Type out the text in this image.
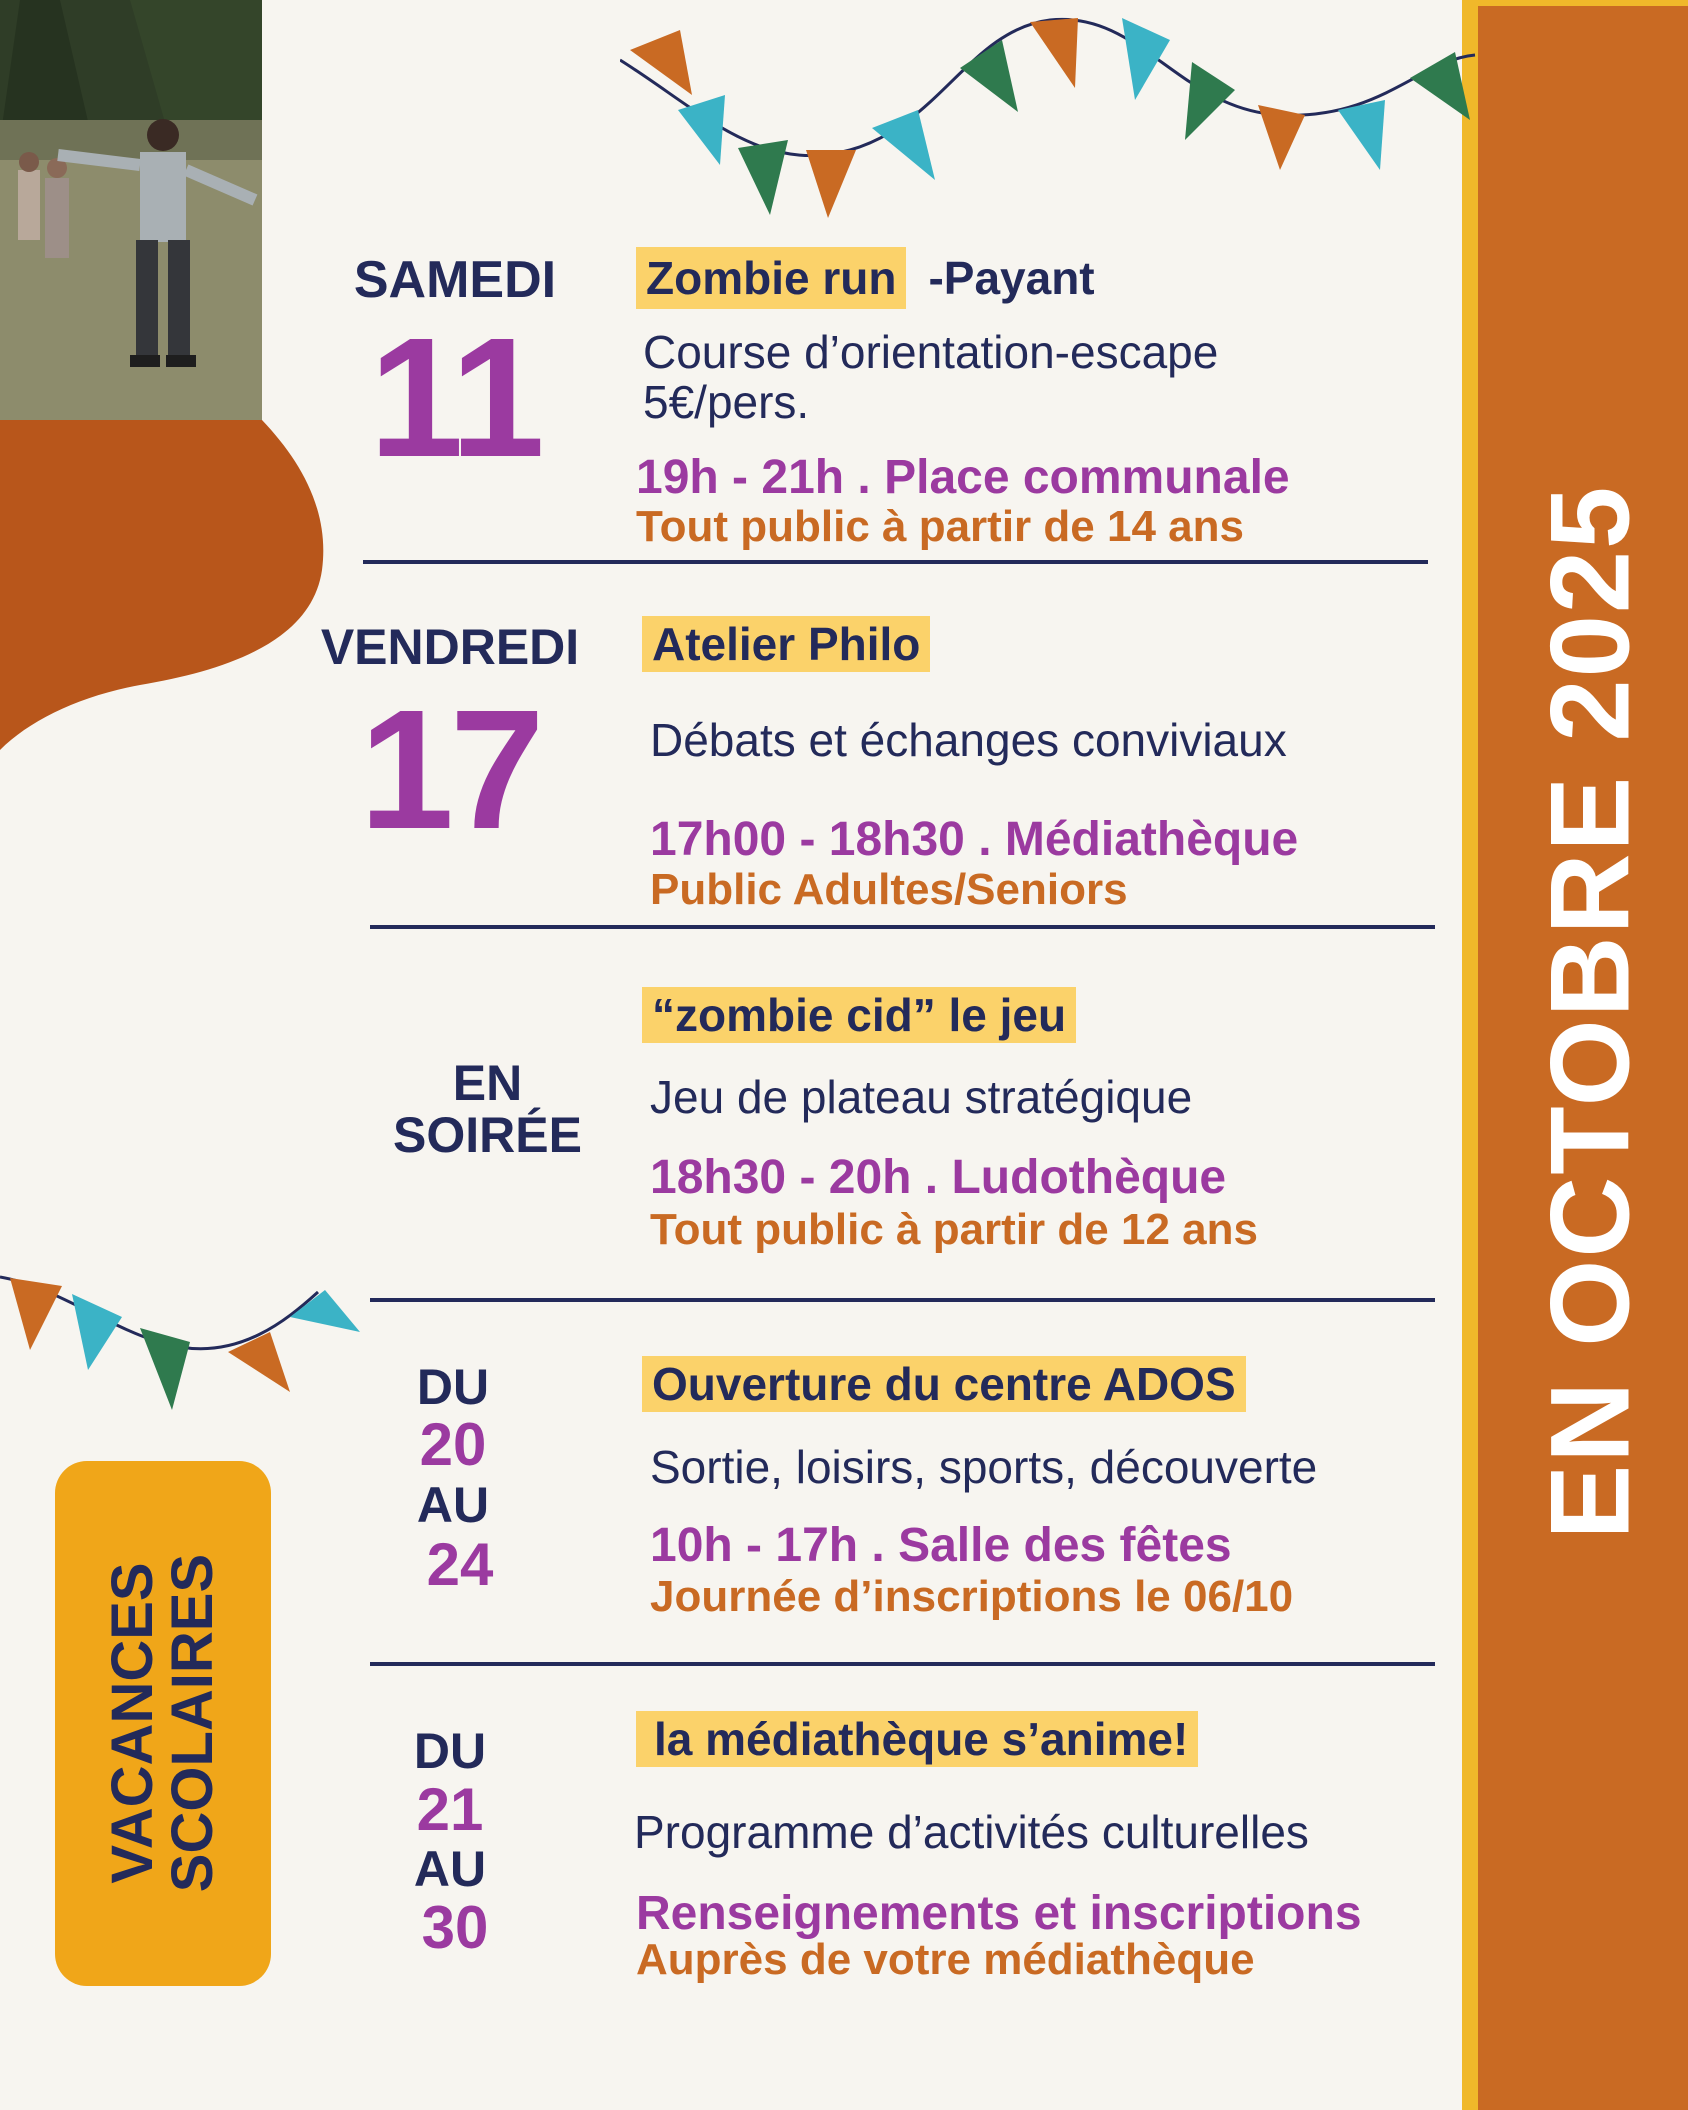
EN OCTOBRE 2025
SAMEDI
11
Zombie run -Payant
Course d’orientation-escape
5€/pers.
19h - 21h . Place communale
Tout public à partir de 14 ans
VENDREDI
17
Atelier Philo
Débats et échanges conviviaux
17h00 - 18h30 . Médiathèque
Public Adultes/Seniors
EN
SOIRÉE
“zombie cid” le jeu
Jeu de plateau stratégique
18h30 - 20h . Ludothèque
Tout public à partir de 12 ans
DU
20
AU
24
Ouverture du centre ADOS
Sortie, loisirs, sports, découverte
10h - 17h . Salle des fêtes
Journée d’inscriptions le 06/10
DU
21
AU
30
la médiathèque s’anime!
Programme d’activités culturelles
Renseignements et inscriptions
Auprès de votre médiathèque
VACANCES
SCOLAIRES
